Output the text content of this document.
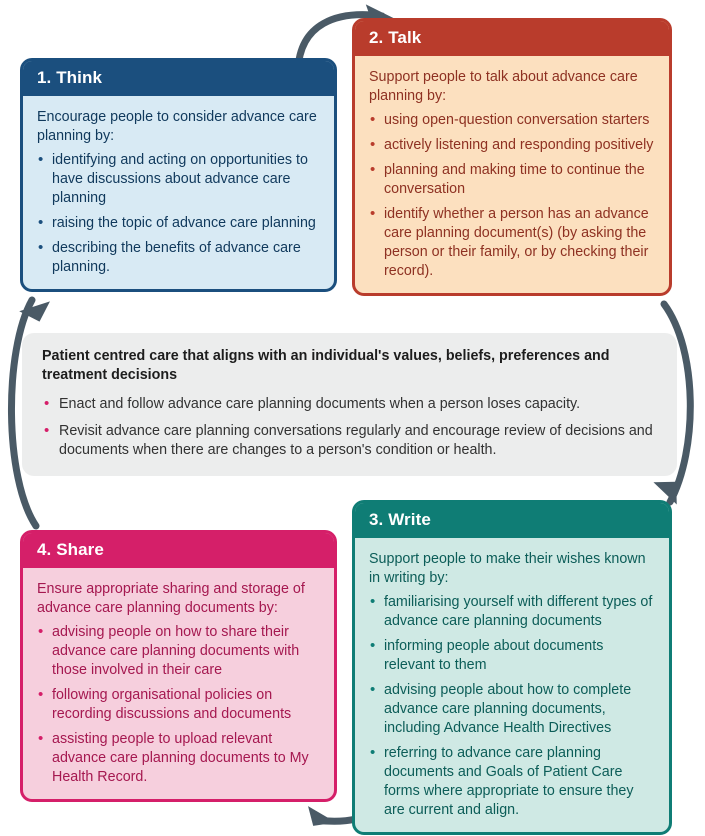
1. Think

Encourage people to consider advance care planning by:

• identifying and acting on opportunities to have discussions about advance care planning
• raising the topic of advance care planning
• describing the benefits of advance care planning.
2. Talk

Support people to talk about advance care planning by:

• using open-question conversation starters
• actively listening and responding positively
• planning and making time to continue the conversation
• identify whether a person has an advance care planning document(s) (by asking the person or their family, or by checking their record).

Patient centred care that aligns with an individual's values, beliefs, preferences and treatment decisions

• Enact and follow advance care planning documents when a person loses capacity.
• Revisit advance care planning conversations regularly and encourage review of decisions and documents when there are changes to a person's condition or health.
3. Write

Support people to make their wishes known in writing by:

• familiarising yourself with different types of advance care planning documents
• informing people about documents relevant to them
• advising people about how to complete advance care planning documents, including Advance Health Directives
• referring to advance care planning documents and Goals of Patient Care forms where appropriate to ensure they are current and align.
4. Share

Ensure appropriate sharing and storage of advance care planning documents by:

• advising people on how to share their advance care planning documents with those involved in their care
• following organisational policies on recording discussions and documents
• assisting people to upload relevant advance care planning documents to My Health Record.
